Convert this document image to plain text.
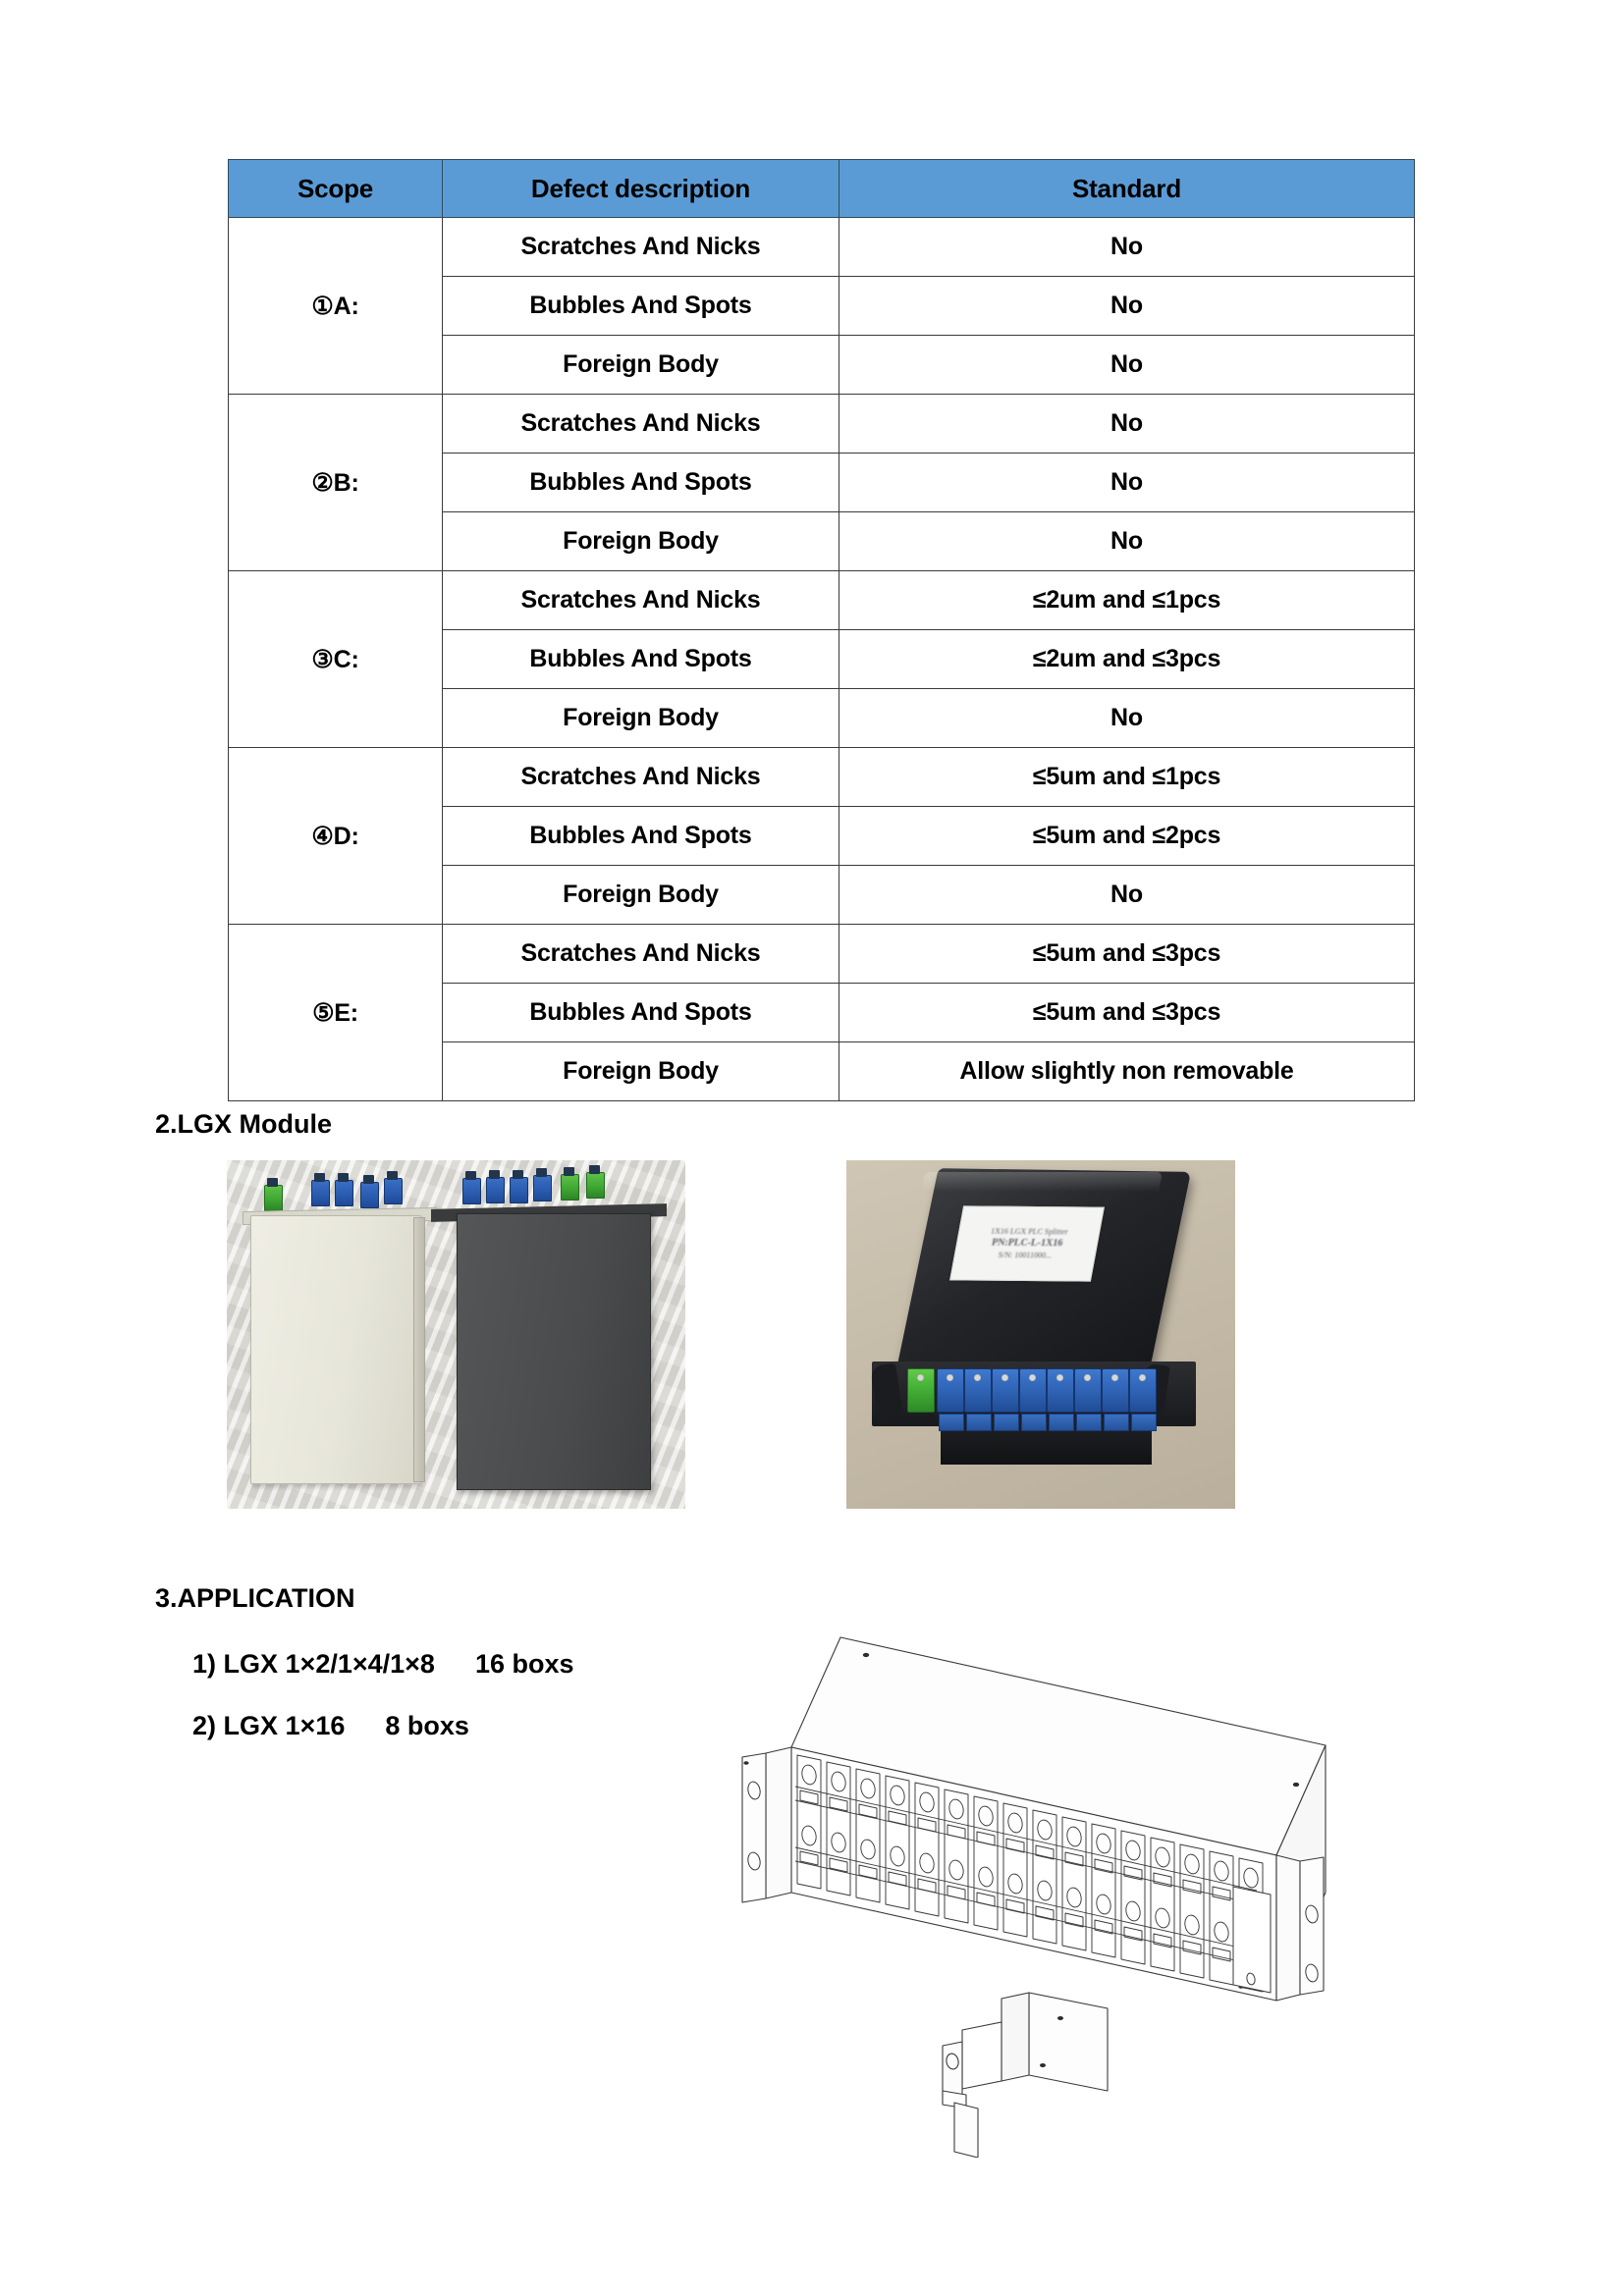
Scope	Defect description	Standard
①A:	Scratches And Nicks	No
	Bubbles And Spots	No
	Foreign Body	No
②B:	Scratches And Nicks	No
	Bubbles And Spots	No
	Foreign Body	No
③C:	Scratches And Nicks	≤2um and ≤1pcs
	Bubbles And Spots	≤2um and ≤3pcs
	Foreign Body	No
④D:	Scratches And Nicks	≤5um and ≤1pcs
	Bubbles And Spots	≤5um and ≤2pcs
	Foreign Body	No
⑤E:	Scratches And Nicks	≤5um and ≤3pcs
	Bubbles And Spots	≤5um and ≤3pcs
	Foreign Body	Allow slightly non removable
2.LGX Module
1X16 LGX PLC Splitter
PN:PLC-L-1X16
S/N: 10011000...
3.APPLICATION
1) LGX 1×2/1×4/1×8 16 boxs
2) LGX 1×16 8 boxs
